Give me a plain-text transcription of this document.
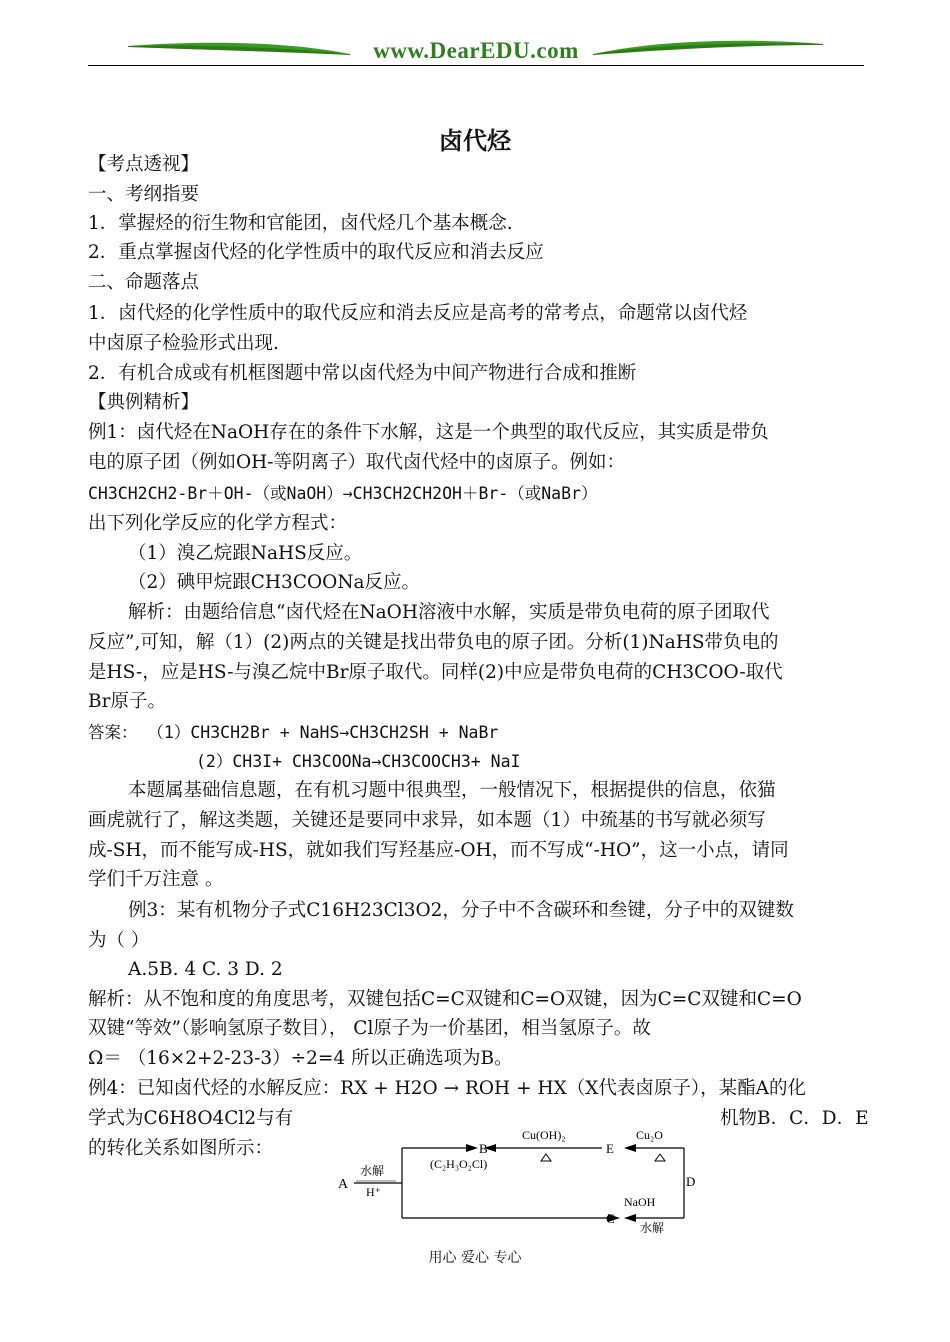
www.DearEDU.com
卤代烃
【考点透视】
一、考纲指要
1．掌握烃的衍生物和官能团，卤代烃几个基本概念.
2．重点掌握卤代烃的化学性质中的取代反应和消去反应
二、命题落点
1．卤代烃的化学性质中的取代反应和消去反应是高考的常考点，命题常以卤代烃
中卤原子检验形式出现.
2．有机合成或有机框图题中常以卤代烃为中间产物进行合成和推断
【典例精析】
例1：卤代烃在NaOH存在的条件下水解，这是一个典型的取代反应，其实质是带负
电的原子团（例如OH-等阴离子）取代卤代烃中的卤原子。例如：
CH3CH2CH2-Br＋OH-（或NaOH）→CH3CH2CH2OH＋Br-（或NaBr）
出下列化学反应的化学方程式：
（1）溴乙烷跟NaHS反应。
（2）碘甲烷跟CH3COONa反应。
解析：由题给信息“卤代烃在NaOH溶液中水解，实质是带负电荷的原子团取代
反应”,可知，解（1）(2)两点的关键是找出带负电的原子团。分析(1)NaHS带负电的
是HS-，应是HS-与溴乙烷中Br原子取代。同样(2)中应是带负电荷的CH3COO-取代
Br原子。
答案： （1）CH3CH2Br + NaHS→CH3CH2SH + NaBr
(2）CH3I+ CH3COONa→CH3COOCH3+ NaI
本题属基础信息题，在有机习题中很典型，一般情况下，根据提供的信息，依猫
画虎就行了，解这类题，关键还是要同中求异，如本题（1）中巯基的书写就必须写
成-SH，而不能写成-HS，就如我们写羟基应-OH，而不写成“-HO”，这一小点，请同
学们千万注意 。
例3：某有机物分子式C16H23Cl3O2，分子中不含碳环和叁键，分子中的双键数
为（ ）
A.5B. 4 C. 3 D. 2
解析：从不饱和度的角度思考，双键包括C=C双键和C=O双键，因为C=C双键和C=O
双键“等效”（影响氢原子数目）， Cl原子为一价基团，相当氢原子。故
Ω＝ （16×2+2-23-3）÷2=4 所以正确选项为B。
例4：已知卤代烃的水解反应：RX + H2O → ROH + HX（X代表卤原子），某酯A的化
学式为C6H8O4Cl2与有	机物B．C．D．E
的转化关系如图所示：
A
水解
H⁺
B
(C₂H₃O₂Cl)
Cu(OH)₂
E
Cu₂O
D
NaOH
C
水解
用心 爱心 专心
